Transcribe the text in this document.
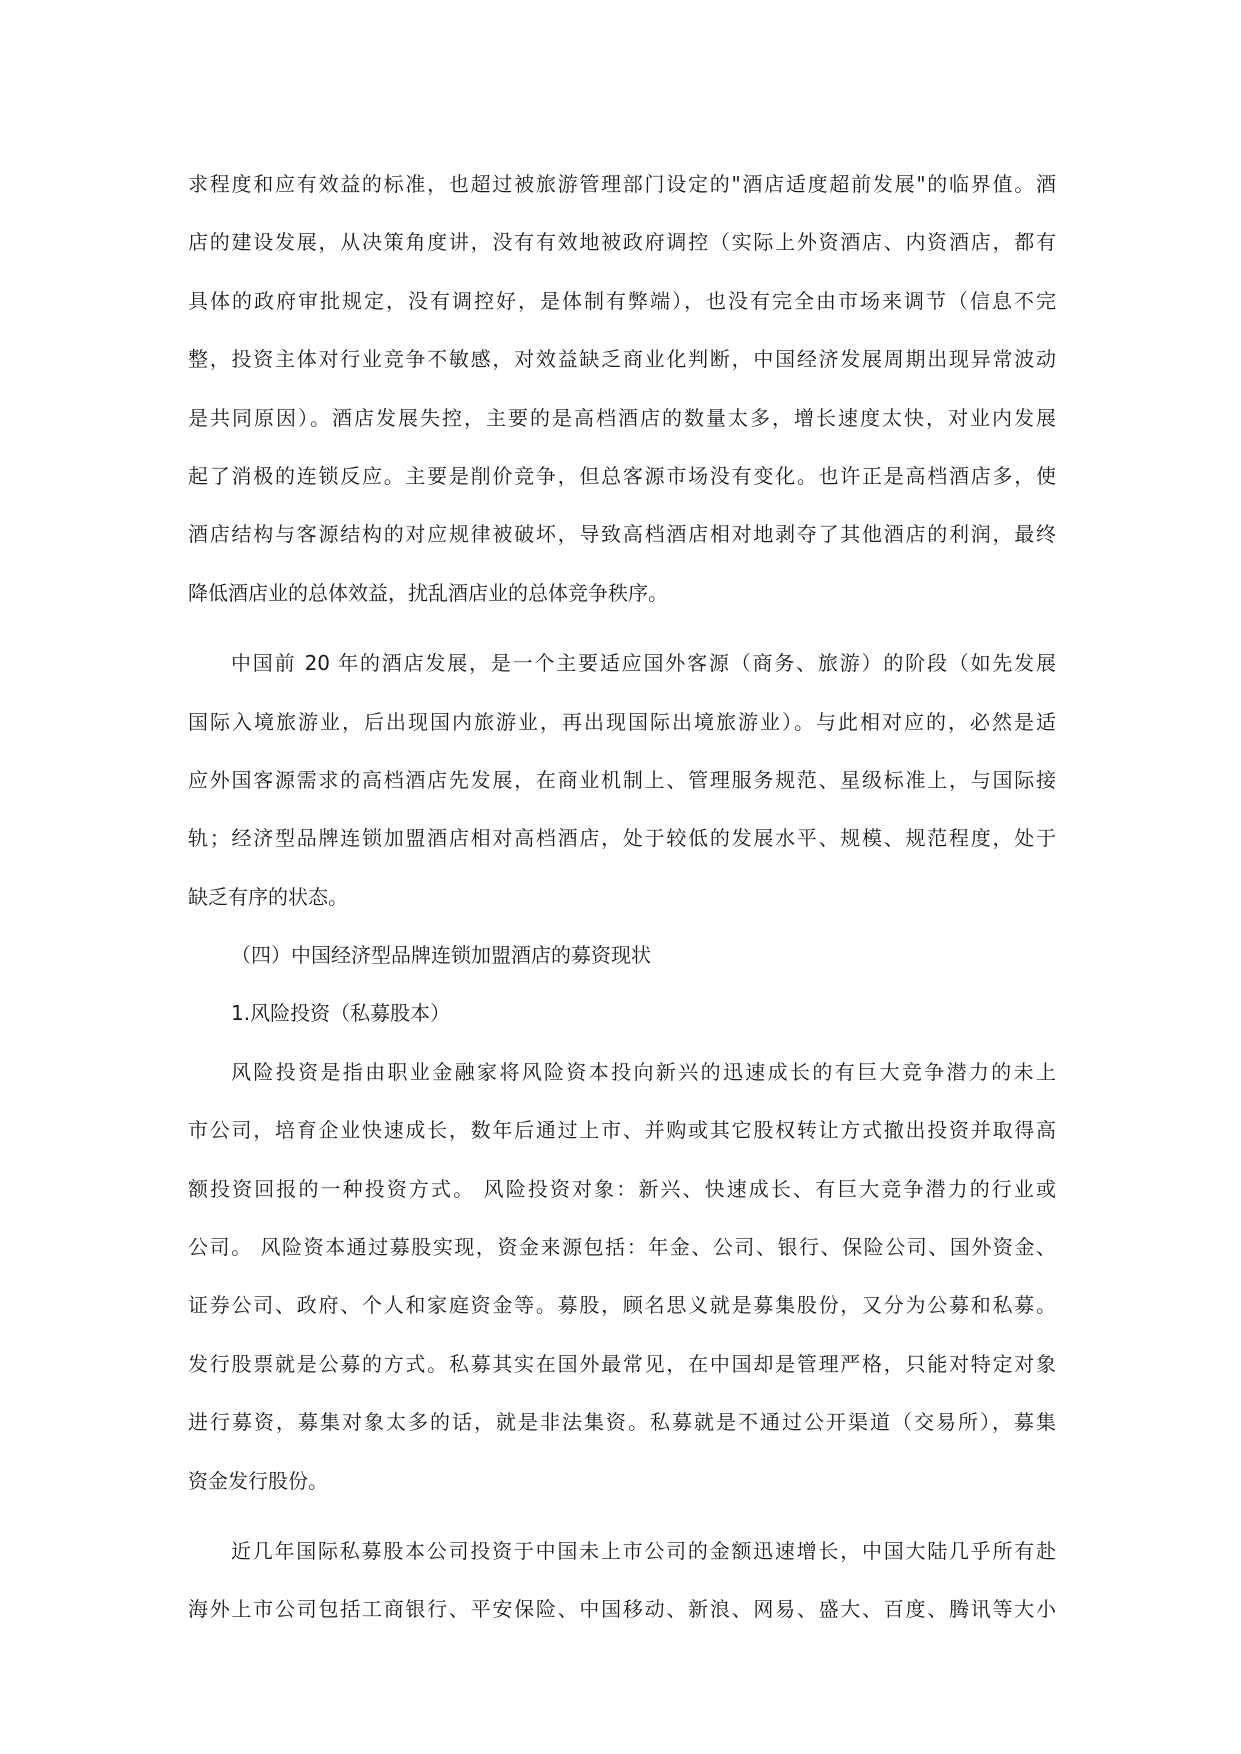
求程度和应有效益的标准，也超过被旅游管理部门设定的"酒店适度超前发展"的临界值。酒
店的建设发展，从决策角度讲，没有有效地被政府调控（实际上外资酒店、内资酒店，都有
具体的政府审批规定，没有调控好，是体制有弊端），也没有完全由市场来调节（信息不完
整，投资主体对行业竞争不敏感，对效益缺乏商业化判断，中国经济发展周期出现异常波动
是共同原因）。酒店发展失控，主要的是高档酒店的数量太多，增长速度太快，对业内发展
起了消极的连锁反应。主要是削价竞争，但总客源市场没有变化。也许正是高档酒店多，使
酒店结构与客源结构的对应规律被破坏，导致高档酒店相对地剥夺了其他酒店的利润，最终
降低酒店业的总体效益，扰乱酒店业的总体竞争秩序。
中国前 20 年的酒店发展，是一个主要适应国外客源（商务、旅游）的阶段（如先发展
国际入境旅游业，后出现国内旅游业，再出现国际出境旅游业）。与此相对应的，必然是适
应外国客源需求的高档酒店先发展，在商业机制上、管理服务规范、星级标准上，与国际接
轨；经济型品牌连锁加盟酒店相对高档酒店，处于较低的发展水平、规模、规范程度，处于
缺乏有序的状态。
（四）中国经济型品牌连锁加盟酒店的募资现状
1.风险投资（私募股本）
风险投资是指由职业金融家将风险资本投向新兴的迅速成长的有巨大竞争潜力的未上
市公司，培育企业快速成长，数年后通过上市、并购或其它股权转让方式撤出投资并取得高
额投资回报的一种投资方式。 风险投资对象：新兴、快速成长、有巨大竞争潜力的行业或
公司。 风险资本通过募股实现，资金来源包括：年金、公司、银行、保险公司、国外资金、
证券公司、政府、个人和家庭资金等。募股，顾名思义就是募集股份，又分为公募和私募。
发行股票就是公募的方式。私募其实在国外最常见，在中国却是管理严格，只能对特定对象
进行募资，募集对象太多的话，就是非法集资。私募就是不通过公开渠道（交易所），募集
资金发行股份。
近几年国际私募股本公司投资于中国未上市公司的金额迅速增长，中国大陆几乎所有赴
海外上市公司包括工商银行、平安保险、中国移动、新浪、网易、盛大、百度、腾讯等大小
